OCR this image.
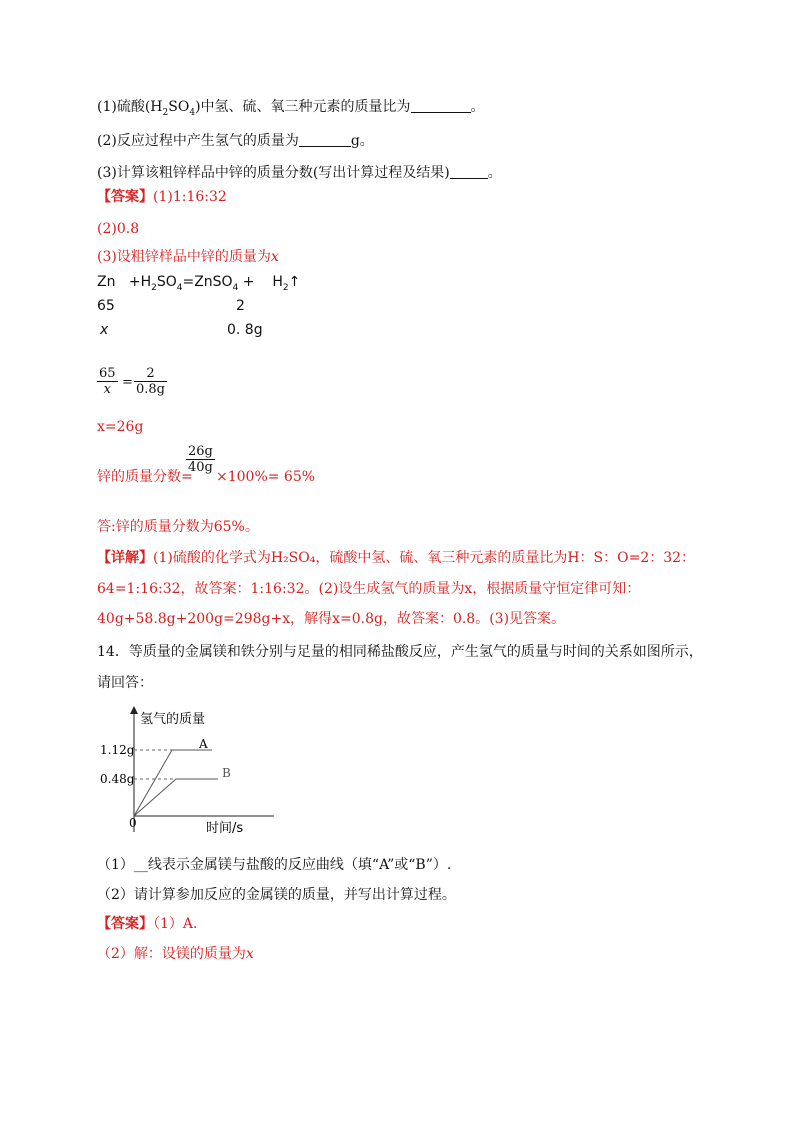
(1)硫酸$(H_2SO_4)$中氢、硫、氧三种元素的质量比为	。
(2)反应过程中产生氢气的质量为	g。
(3)计算该粗锌样品中锌的质量分数(写出计算过程及结果)	。
【答案】(1)1:16:32
(2)0.8
(3)设粗锌样品中锌的质量为x
$Zn +H_2SO_4=ZnSO_4$ + $H_2↑$
65	2
x	0. 8g
$\frac{65}{x} = \frac{2}{0.8g}$
x=26g
锌的质量分数=
$\frac{26g}{40g}$
×100%= 65%
答:锌的质量分数为65%。
【详解】(1)硫酸的化学式为H₂SO₄，硫酸中氢、硫、氧三种元素的质量比为H：S：O=2：32：
64=1:16:32，故答案：1:16:32。(2)设生成氢气的质量为x，根据质量守恒定律可知：
40g+58.8g+200g=298g+x，解得x=0.8g，故答案：0.8。(3)见答案。
14．等质量的金属镁和铁分别与足量的相同稀盐酸反应，产生氢气的质量与时间的关系如图所示，
请回答：
氢气的质量
1.12g
0.48g
0
A
B
时间/s
（1）__线表示金属镁与盐酸的反应曲线（填“A”或“B”）.
（2）请计算参加反应的金属镁的质量，并写出计算过程。
【答案】（1）A.
（2）解：设镁的质量为x
